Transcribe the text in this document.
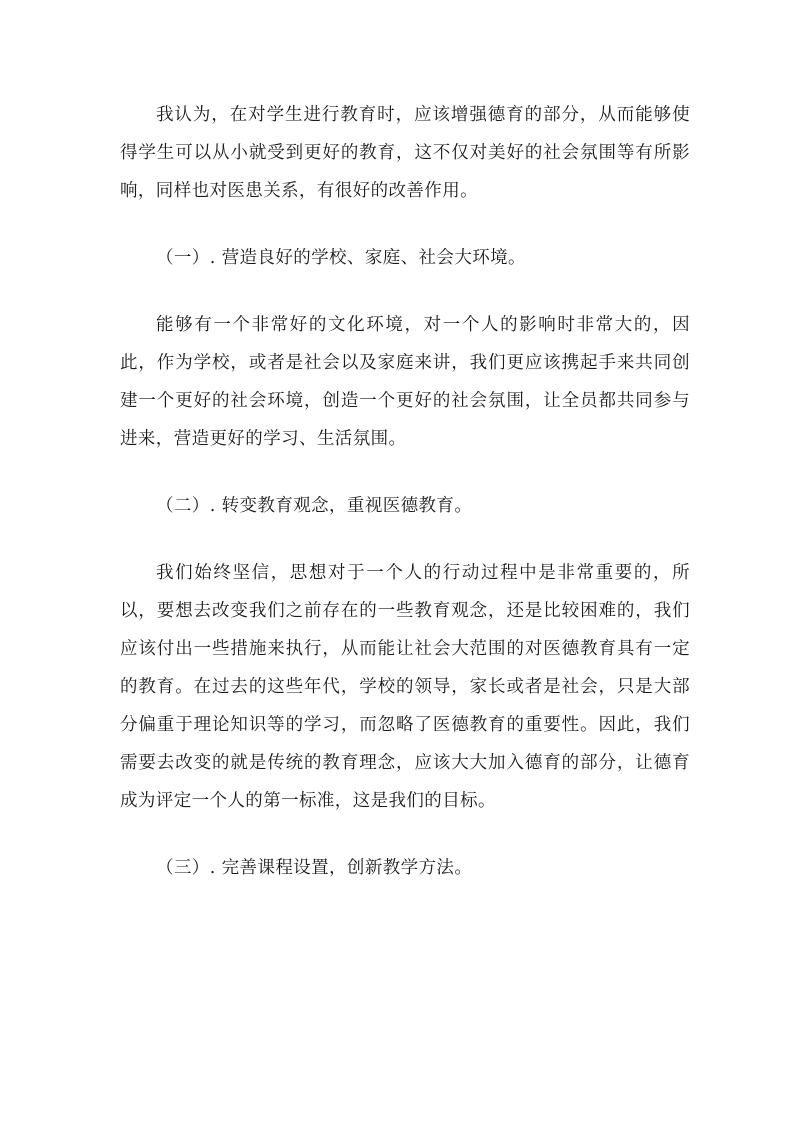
我认为，在对学生进行教育时，应该增强德育的部分，从而能够使得学生可以从小就受到更好的教育，这不仅对美好的社会氛围等有所影响，同样也对医患关系，有很好的改善作用。

（一）. 营造良好的学校、家庭、社会大环境。

能够有一个非常好的文化环境，对一个人的影响时非常大的，因此，作为学校，或者是社会以及家庭来讲，我们更应该携起手来共同创建一个更好的社会环境，创造一个更好的社会氛围，让全员都共同参与进来，营造更好的学习、生活氛围。

（二）. 转变教育观念，重视医德教育。

我们始终坚信，思想对于一个人的行动过程中是非常重要的，所以，要想去改变我们之前存在的一些教育观念，还是比较困难的，我们应该付出一些措施来执行，从而能让社会大范围的对医德教育具有一定的教育。在过去的这些年代，学校的领导，家长或者是社会，只是大部分偏重于理论知识等的学习，而忽略了医德教育的重要性。因此，我们需要去改变的就是传统的教育理念，应该大大加入德育的部分，让德育成为评定一个人的第一标准，这是我们的目标。

（三）. 完善课程设置，创新教学方法。
